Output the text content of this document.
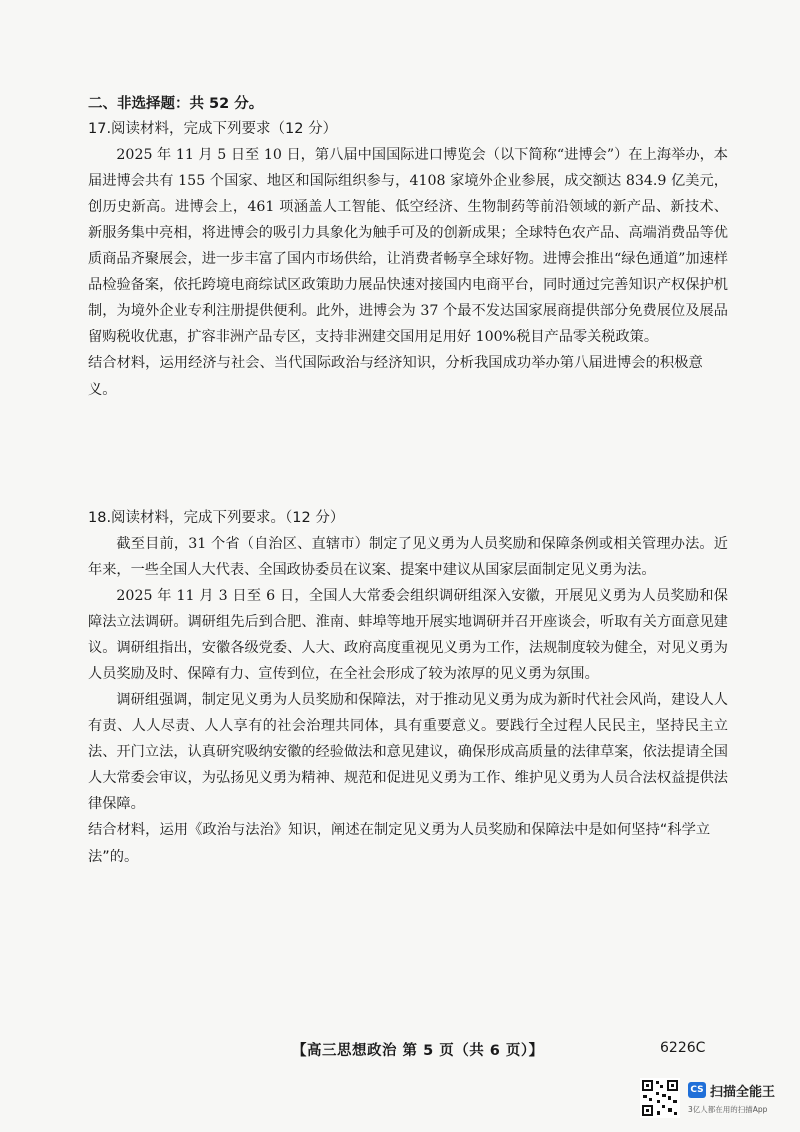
二、非选择题：共 52 分。
17.阅读材料，完成下列要求（12 分）

2025 年 11 月 5 日至 10 日，第八届中国国际进口博览会（以下简称“进博会”）在上海举办，本届进博会共有 155 个国家、地区和国际组织参与，4108 家境外企业参展，成交额达 834.9 亿美元，创历史新高。进博会上，461 项涵盖人工智能、低空经济、生物制药等前沿领域的新产品、新技术、新服务集中亮相，将进博会的吸引力具象化为触手可及的创新成果；全球特色农产品、高端消费品等优质商品齐聚展会，进一步丰富了国内市场供给，让消费者畅享全球好物。进博会推出“绿色通道”加速样品检验备案，依托跨境电商综试区政策助力展品快速对接国内电商平台，同时通过完善知识产权保护机制，为境外企业专利注册提供便利。此外，进博会为 37 个最不发达国家展商提供部分免费展位及展品留购税收优惠，扩容非洲产品专区，支持非洲建交国用足用好 100%税目产品零关税政策。

结合材料，运用经济与社会、当代国际政治与经济知识，分析我国成功举办第八届进博会的积极意义。

18.阅读材料，完成下列要求。（12 分）

截至目前，31 个省（自治区、直辖市）制定了见义勇为人员奖励和保障条例或相关管理办法。近年来，一些全国人大代表、全国政协委员在议案、提案中建议从国家层面制定见义勇为法。

2025 年 11 月 3 日至 6 日，全国人大常委会组织调研组深入安徽，开展见义勇为人员奖励和保障法立法调研。调研组先后到合肥、淮南、蚌埠等地开展实地调研并召开座谈会，听取有关方面意见建议。调研组指出，安徽各级党委、人大、政府高度重视见义勇为工作，法规制度较为健全，对见义勇为人员奖励及时、保障有力、宣传到位，在全社会形成了较为浓厚的见义勇为氛围。

调研组强调，制定见义勇为人员奖励和保障法，对于推动见义勇为成为新时代社会风尚，建设人人有责、人人尽责、人人享有的社会治理共同体，具有重要意义。要践行全过程人民民主，坚持民主立法、开门立法，认真研究吸纳安徽的经验做法和意见建议，确保形成高质量的法律草案，依法提请全国人大常委会审议，为弘扬见义勇为精神、规范和促进见义勇为工作、维护见义勇为人员合法权益提供法律保障。

结合材料，运用《政治与法治》知识，阐述在制定见义勇为人员奖励和保障法中是如何坚持“科学立法”的。

【高三思想政治 第 5 页（共 6 页）】	6226C
CS 扫描全能王
3亿人都在用的扫描App
